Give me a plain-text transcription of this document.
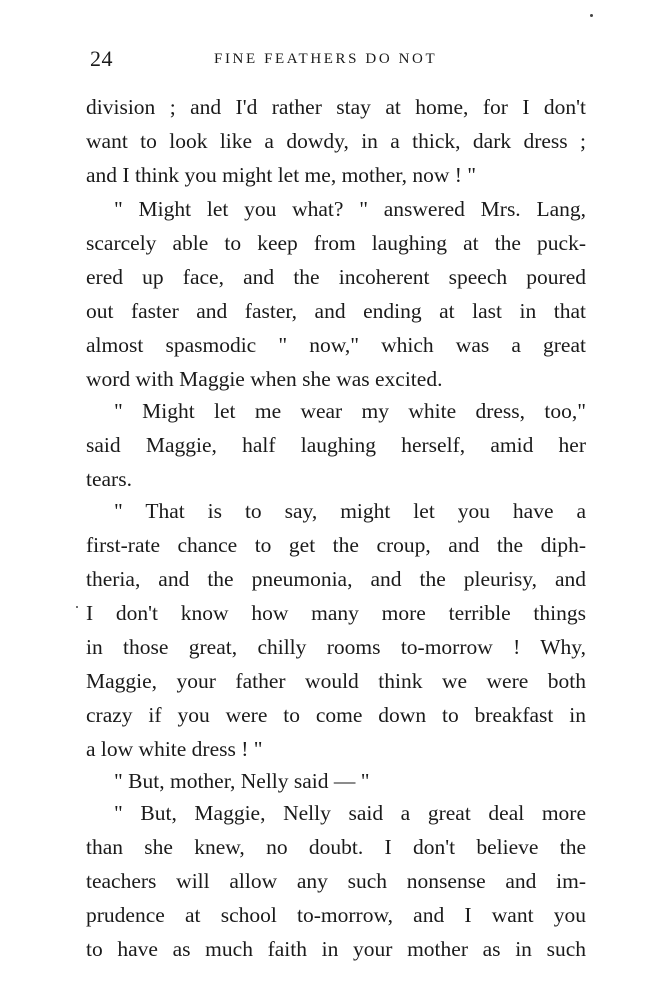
24	FINE FEATHERS DO NOT
division ; and I'd rather stay at home, for I don't
want to look like a dowdy, in a thick, dark dress ;
and I think you might let me, mother, now ! "
" Might let you what? " answered Mrs. Lang,
scarcely able to keep from laughing at the puck-
ered up face, and the incoherent speech poured
out faster and faster, and ending at last in that
almost spasmodic " now," which was a great
word with Maggie when she was excited.
" Might let me wear my white dress, too,"
said Maggie, half laughing herself, amid her
tears.
" That is to say, might let you have a
first-rate chance to get the croup, and the diph-
theria, and the pneumonia, and the pleurisy, and
I don't know how many more terrible things
in those great, chilly rooms to-morrow ! Why,
Maggie, your father would think we were both
crazy if you were to come down to breakfast in
a low white dress ! "
" But, mother, Nelly said — "
" But, Maggie, Nelly said a great deal more
than she knew, no doubt. I don't believe the
teachers will allow any such nonsense and im-
prudence at school to-morrow, and I want you
to have as much faith in your mother as in such
